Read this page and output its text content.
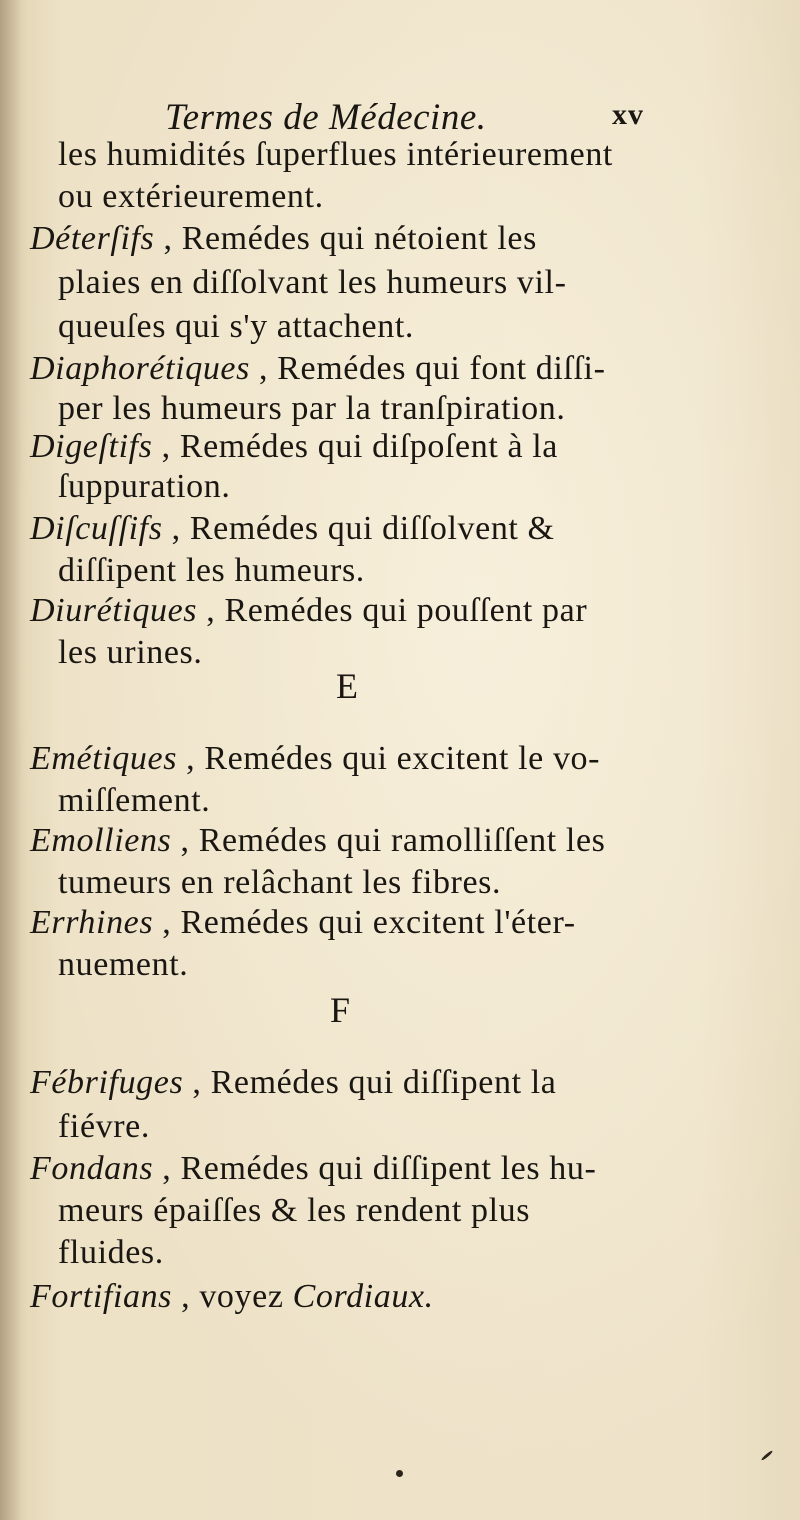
Termes de Médecine.	xv
les humidités ſuperflues intérieurement
ou extérieurement.
Déterſifs , Remédes qui nétoient les
plaies en diſſolvant les humeurs vil-
queuſes qui s'y attachent.
Diaphorétiques , Remédes qui font diſſi-
per les humeurs par la tranſpiration.
Digeſtifs , Remédes qui diſpoſent à la
ſuppuration.
Diſcuſſifs , Remédes qui diſſolvent &
diſſipent les humeurs.
Diurétiques , Remédes qui pouſſent par
les urines.
E
Emétiques , Remédes qui excitent le vo-
miſſement.
Emolliens , Remédes qui ramolliſſent les
tumeurs en relâchant les fibres.
Errhines , Remédes qui excitent l'éter-
nuement.
F
Fébrifuges , Remédes qui diſſipent la
fiévre.
Fondans , Remédes qui diſſipent les hu-
meurs épaiſſes & les rendent plus
fluides.
Fortifians , voyez Cordiaux.
